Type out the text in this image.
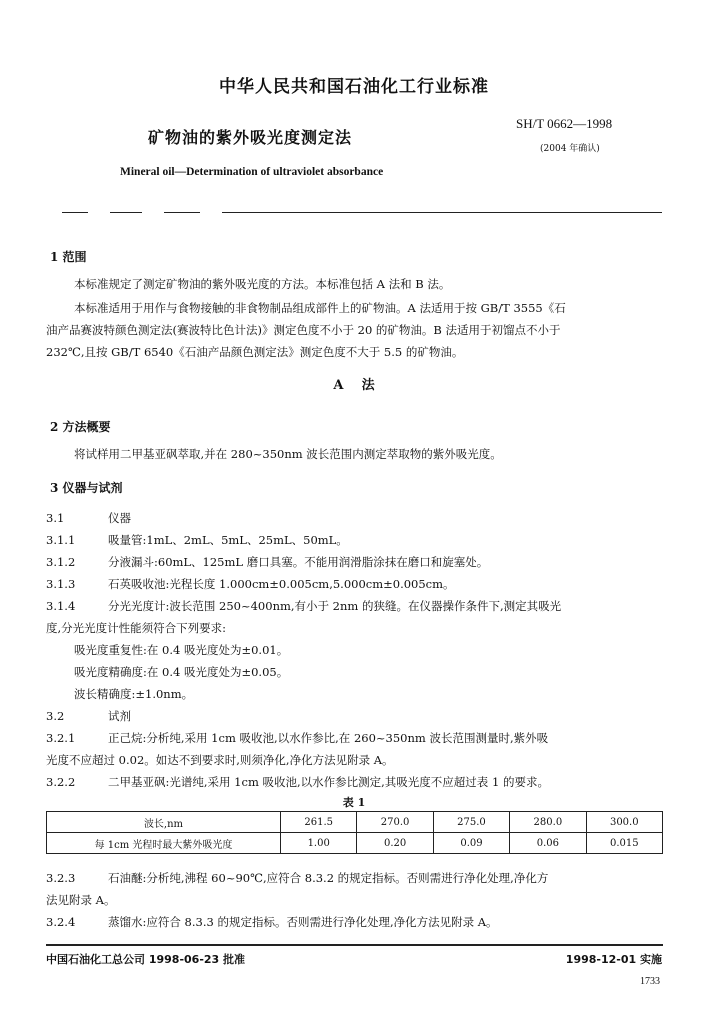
中华人民共和国石油化工行业标准
矿物油的紫外吸光度测定法
SH/T 0662—1998
(2004 年确认)
Mineral oil—Determination of ultraviolet absorbance
1 范围
本标准规定了测定矿物油的紫外吸光度的方法。本标准包括 A 法和 B 法。
本标准适用于用作与食物接触的非食物制品组成部件上的矿物油。A 法适用于按 GB/T 3555《石
油产品赛波特颜色测定法(赛波特比色计法)》测定色度不小于 20 的矿物油。B 法适用于初馏点不小于
232℃,且按 GB/T 6540《石油产品颜色测定法》测定色度不大于 5.5 的矿物油。
A    法
2 方法概要
将试样用二甲基亚砜萃取,并在 280~350nm 波长范围内测定萃取物的紫外吸光度。
3 仪器与试剂
3.1	仪器
3.1.1	吸量管:1mL、2mL、5mL、25mL、50mL。
3.1.2	分液漏斗:60mL、125mL 磨口具塞。不能用润滑脂涂抹在磨口和旋塞处。
3.1.3	石英吸收池:光程长度 1.000cm±0.005cm,5.000cm±0.005cm。
3.1.4	分光光度计:波长范围 250~400nm,有小于 2nm 的狭缝。在仪器操作条件下,测定其吸光
度,分光光度计性能须符合下列要求:
吸光度重复性:在 0.4 吸光度处为±0.01。
吸光度精确度:在 0.4 吸光度处为±0.05。
波长精确度:±1.0nm。
3.2	试剂
3.2.1	正己烷:分析纯,采用 1cm 吸收池,以水作参比,在 260~350nm 波长范围测量时,紫外吸
光度不应超过 0.02。如达不到要求时,则须净化,净化方法见附录 A。
3.2.2	二甲基亚砜:光谱纯,采用 1cm 吸收池,以水作参比测定,其吸光度不应超过表 1 的要求。
表 1
波长,nm	261.5	270.0	275.0	280.0	300.0
每 1cm 光程时最大紫外吸光度	1.00	0.20	0.09	0.06	0.015
3.2.3	石油醚:分析纯,沸程 60~90℃,应符合 8.3.2 的规定指标。否则需进行净化处理,净化方
法见附录 A。
3.2.4	蒸馏水:应符合 8.3.3 的规定指标。否则需进行净化处理,净化方法见附录 A。
中国石油化工总公司 1998-06-23 批准	1998-12-01 实施
1733
